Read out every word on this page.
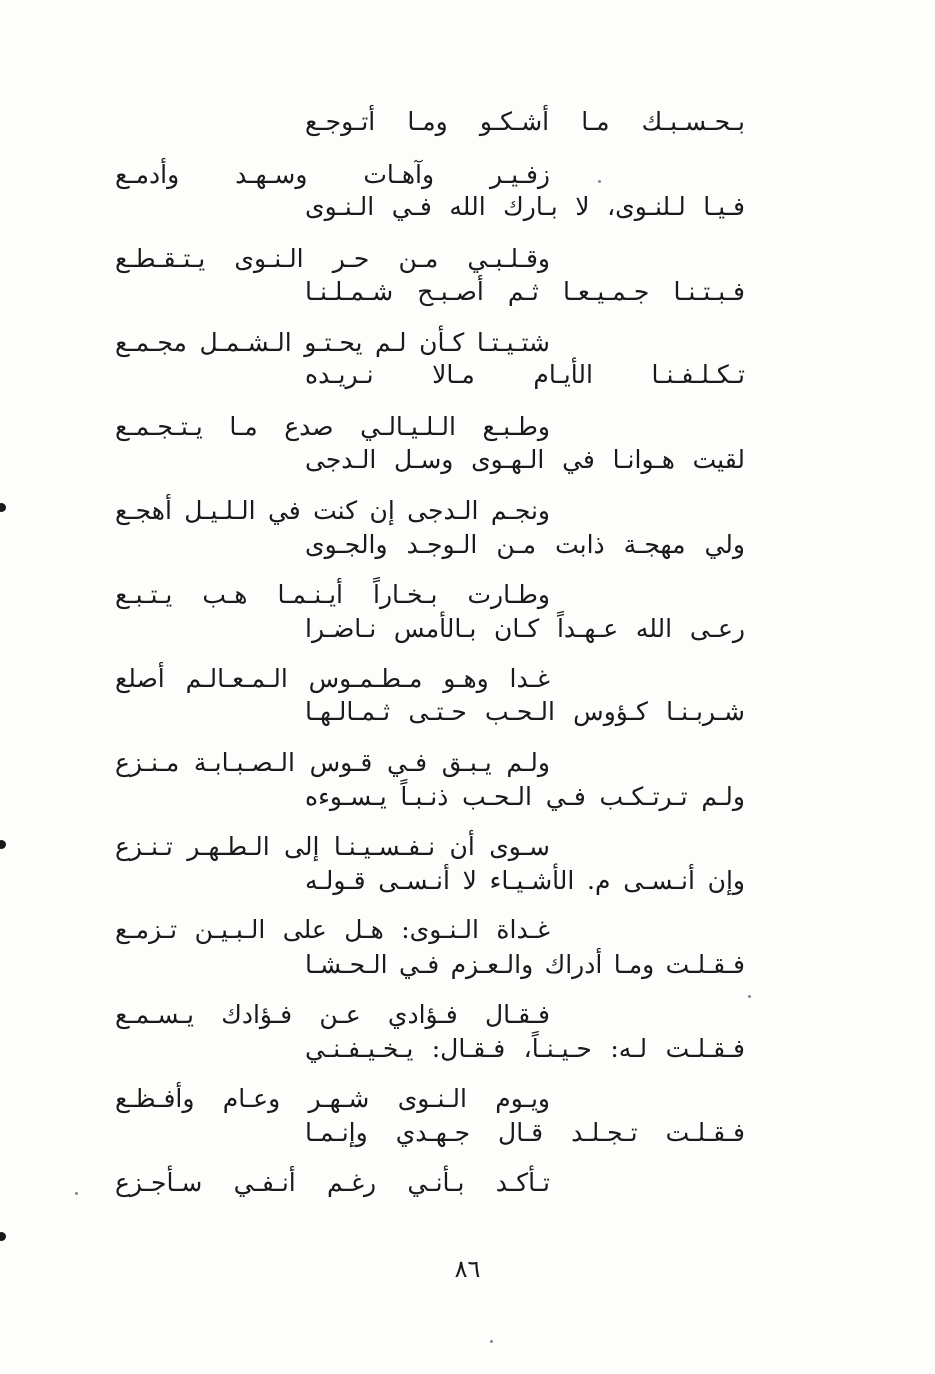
بـحـسـبـك مـا أشـكـو ومـا أتـوجـع
زفـيـر وآهـات وسـهـد وأدمـع
فـيـا لـلنـوى، لا بـارك الله فـي الـنـوى
وقـلـبـي مـن حـر الـنـوى يـتـقـطـع
فـبـتـنـا جـمـيـعـا ثـم أصـبـح شـمـلـنـا
شتـيـتـا كـأن لـم يحـتـو الـشـمـل مجـمـع
تـكـلـفـنـا الأيـام مـالا نـريـده
وطـبـع الـلـيـالـي صدع مـا يـتـجـمـع
لقيت هـوانـا في الـهـوى وسـل الـدجى
ونجـم الـدجى إن كنت في الـلـيـل أهجـع
ولي مهجـة ذابت مـن الـوجـد والجـوى
وطـارت بـخـاراً أيـنـمـا هـب يـتـبـع
رعـى الله عـهـداً كـان بـالأمس نـاضـرا
غـدا وهـو مـطـمـوس الـمـعـالـم أصلع
شـربـنـا كـؤوس الـحـب حـتـى ثـمـالـهـا
ولـم يـبـق فـي قـوس الـصـبـابـة مـنـزع
ولـم تـرتـكـب فـي الـحـب ذنـبـاً يـسـوءه
سـوى أن نـفـسـيـنـا إلى الـطـهـر تـنـزع
وإن أنـسـى م. الأشـيـاء لا أنـسـى قـولـه
غـداة الـنـوى: هـل على الـبـيـن تـزمـع
فـقـلـت ومـا أدراك والـعـزم فـي الـحـشـا
فـقـال فـؤادي عـن فـؤادك يـسـمـع
فـقـلـت لـه: حـيـنـاً، فـقـال: يـخـيـفـنـي
ويـوم الـنـوى شـهـر وعـام وأفـظـع
فـقـلـت تـجـلـد قـال جـهـدي وإنـمـا
تـأكـد بـأنـي رغـم أنـفـي سـأجـزع
٨٦
